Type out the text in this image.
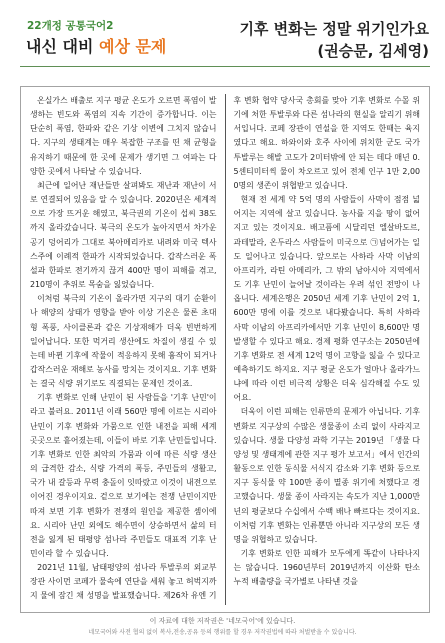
22개정 공통국어2
내신 대비 예상 문제
기후 변화는 정말 위기인가요
(권승문, 김세영)

온실가스 배출로 지구 평균 온도가 오르면 폭염이 발생하는 빈도와 폭염의 지속 기간이 증가합니다. 이는 단순히 폭염, 한파와 같은 기상 이변에 그치지 않습니다. 지구의 생태계는 매우 복잡한 구조를 띤 채 균형을 유지하기 때문에 한 곳에 문제가 생기면 그 여파는 다양한 곳에서 나타날 수 있습니다.

최근에 일어난 재난들만 살펴봐도 재난과 재난이 서로 연결되어 있음을 알 수 있습니다. 2020년은 세계적으로 가장 뜨거운 해였고, 북극권의 기온이 섭씨 38도까지 올라갔습니다. 북극의 온도가 높아지면서 차가운 공기 덩어리가 그대로 북아메리카로 내려와 미국 텍사스주에 이례적 한파가 시작되었습니다. 갑작스러운 폭설과 한파로 전기까지 끊겨 400만 명이 피해를 겪고, 210명이 추위로 목숨을 잃었습니다.

이처럼 북극의 기온이 올라가면 지구의 대기 순환이나 해양의 상태가 영향을 받아 이상 기온은 물론 초대형 폭풍, 사이클론과 같은 기상재해가 더욱 빈번하게 일어납니다. 또한 먹거리 생산에도 차질이 생길 수 있는데 바뀐 기후에 작물이 적응하지 못해 흉작이 되거나 갑작스러운 재해로 농사를 망치는 것이지요. 기후 변화는 결국 식량 위기로도 직결되는 문제인 것이죠.

기후 변화로 인해 난민이 된 사람들을 '기후 난민'이라고 불러요. 2011년 이래 560만 명에 이르는 시리아 난민이 기후 변화와 가뭄으로 인한 내전을 피해 세계 곳곳으로 흩어졌는데, 이들이 바로 기후 난민들입니다. 기후 변화로 인한 최악의 가뭄과 이에 따른 식량 생산의 급격한 감소, 식량 가격의 폭등, 주민들의 생활고, 국가 내 갈등과 무력 충돌이 잇따랐고 이것이 내전으로 이어진 경우이지요. 겉으로 보기에는 전쟁 난민이지만 따져 보면 기후 변화가 전쟁의 원인을 제공한 셈이에요. 시리아 난민 외에도 해수면이 상승하면서 삶의 터전을 잃게 된 태평양 섬나라 주민들도 대표적 기후 난민이라 할 수 있습니다.

2021년 11월, 남태평양의 섬나라 투발루의 외교부 장관 사이먼 코페가 물속에 연단을 세워 놓고 허벅지까지 물에 잠긴 채 성명을 발표했습니다. 제26차 유엔 기후 변화 협약 당사국 총회를 맞아 기후 변화로 수몰 위기에 처한 투발루와 다른 섬나라의 현실을 알리기 위해서입니다. 코페 장관이 연설을 한 지역도 한때는 육지였다고 해요. 하와이와 호주 사이에 위치한 군도 국가 투발루는 해발 고도가 2미터밖에 안 되는 데다 매년 0.5센티미터씩 물이 차오르고 있어 전체 인구 1만 2,000명의 생존이 위협받고 있습니다.

현재 전 세계 약 5억 명의 사람들이 사막이 점점 넓어지는 지역에 살고 있습니다. 농사를 지을 땅이 없어지고 있는 것이지요. 배고픔에 시달리던 엘살바도르, 과테말라, 온두라스 사람들이 미국으로 ㉠넘어가는 일도 일어나고 있습니다. 앞으로는 사하라 사막 이남의 아프리카, 라틴 아메리카, 그 밖의 남아시아 지역에서도 기후 난민이 늘어날 것이라는 우려 섞인 전망이 나옵니다. 세계은행은 2050년 세계 기후 난민이 2억 1,600만 명에 이를 것으로 내다봤습니다. 특히 사하라 사막 이남의 아프리카에서만 기후 난민이 8,600만 명 발생할 수 있다고 해요. 경제 평화 연구소는 2050년에 기후 변화로 전 세계 12억 명이 고향을 잃을 수 있다고 예측하기도 하지요. 지구 평균 온도가 얼마나 올라가느냐에 따라 이런 비극적 상황은 더욱 심각해질 수도 있어요.

더욱이 이런 피해는 인류만의 문제가 아닙니다. 기후 변화로 지구상의 수많은 생물종이 소리 없이 사라지고 있습니다. 생물 다양성 과학 기구는 2019년 「생물 다양성 및 생태계에 관한 지구 평가 보고서」에서 인간의 활동으로 인한 동식물 서식지 감소와 기후 변화 등으로 지구 동식물 약 100만 종이 멸종 위기에 처했다고 경고했습니다. 생물 종이 사라지는 속도가 지난 1,000만 년의 평균보다 수십에서 수백 배나 빠르다는 것이지요. 이처럼 기후 변화는 인류뿐만 아니라 지구상의 모든 생명을 위협하고 있습니다.

기후 변화로 인한 피해가 모두에게 똑같이 나타나지는 않습니다. 1960년부터 2019년까지 이산화 탄소 누적 배출량을 국가별로 나타낸 것을

이 자료에 대한 저작권은 '네모국어'에 있습니다.
네모국어와 사전 협의 없이 복사,전송,공유 등의 행위를 할 경우 저작권법에 따라 처벌받을 수 있습니다.
